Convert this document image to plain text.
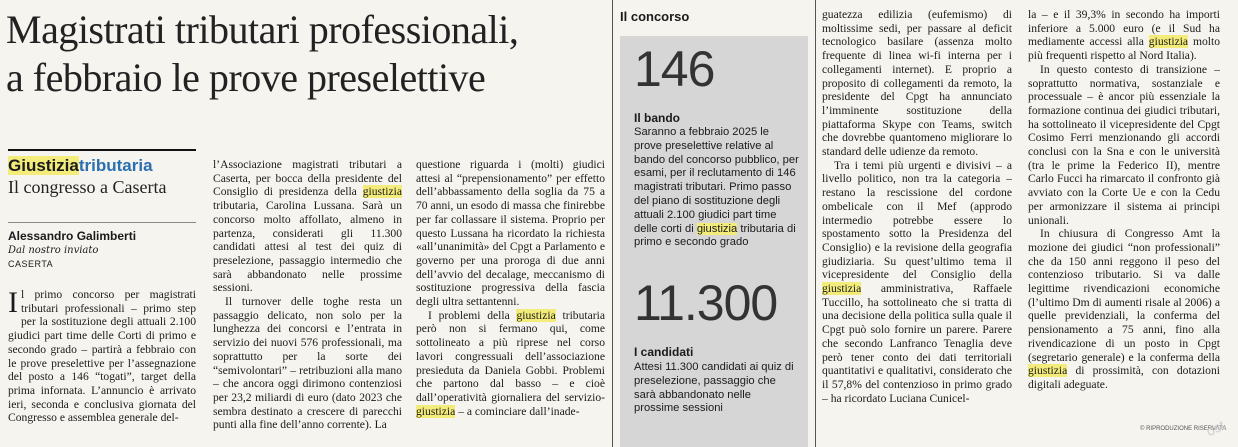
Magistrati tributari professionali,
a febbraio le prove preselettive
Giustiziatributaria
Il congresso a Caserta
Alessandro Galimberti
Dal nostro inviato
CASERTA
Il primo concorso per magistrati tributari professionali – primo step per la sostituzione degli attuali 2.100 giudici part time delle Corti di primo e secondo grado – partirà a febbraio con le prove preselettive per l’assegnazione del posto a 146 “togati”, target della prima infornata. L’annuncio è arrivato ieri, seconda e conclusiva giornata del Congresso e assemblea generale del-

l’Associazione magistrati tributari a Caserta, per bocca della presidente del Consiglio di presidenza della giustizia tributaria, Carolina Lussana. Sarà un concorso molto affollato, almeno in partenza, considerati gli 11.300 candidati attesi al test dei quiz di preselezione, passaggio intermedio che sarà abbandonato nelle prossime sessioni.

Il turnover delle toghe resta un passaggio delicato, non solo per la lunghezza dei concorsi e l’entrata in servizio dei nuovi 576 professionali, ma soprattutto per la sorte dei “semivolontari” – retribuzioni alla mano – che ancora oggi dirimono contenziosi per 23,2 miliardi di euro (dato 2023 che sembra destinato a crescere di parecchi punti alla fine dell’anno corrente). La

questione riguarda i (molti) giudici attesi al “prepensionamento” per effetto dell’abbassamento della soglia da 75 a 70 anni, un esodo di massa che finirebbe per far collassare il sistema. Proprio per questo Lussana ha ricordato la richiesta «all’unanimità» del Cpgt a Parlamento e governo per una proroga di due anni dell’avvio del decalage, meccanismo di sostituzione progressiva della fascia degli ultra settantenni.

I problemi della giustizia tributaria però non si fermano qui, come sottolineato a più riprese nel corso lavori congressuali dell’associazione presieduta da Daniela Gobbi. Problemi che partono dal basso – e cioè dall’operatività giornaliera del servizio-giustizia – a cominciare dall’inade-

Il concorso
146
Il bando
Saranno a febbraio 2025 le prove preselettive relative al bando del concorso pubblico, per esami, per il reclutamento di 146 magistrati tributari. Primo passo del piano di sostituzione degli attuali 2.100 giudici part time delle corti di giustizia tributaria di primo e secondo grado
11.300
I candidati
Attesi 11.300 candidati ai quiz di preselezione, passaggio che sarà abbandonato nelle prossime sessioni

guatezza edilizia (eufemismo) di moltissime sedi, per passare al deficit tecnologico basilare (assenza molto frequente di linea wi-fi interna per i collegamenti internet). E proprio a proposito di collegamenti da remoto, la presidente del Cpgt ha annunciato l’imminente sostituzione della piattaforma Skype con Teams, switch che dovrebbe quantomeno migliorare lo standard delle udienze da remoto.

Tra i temi più urgenti e divisivi – a livello politico, non tra la categoria – restano la rescissione del cordone ombelicale con il Mef (approdo intermedio potrebbe essere lo spostamento sotto la Presidenza del Consiglio) e la revisione della geografia giudiziaria. Su quest’ultimo tema il vicepresidente del Consiglio della giustizia amministrativa, Raffaele Tuccillo, ha sottolineato che si tratta di una decisione della politica sulla quale il Cpgt può solo fornire un parere. Parere che secondo Lanfranco Tenaglia deve però tener conto dei dati territoriali quantitativi e qualitativi, considerato che il 57,8% del contenzioso in primo grado – ha ricordato Luciana Cunicel-

la – e il 39,3% in secondo ha importi inferiore a 5.000 euro (e il Sud ha mediamente accessi alla giustizia molto più frequenti rispetto al Nord Italia).

In questo contesto di transizione – soprattutto normativa, sostanziale e processuale – è ancor più essenziale la formazione continua dei giudici tributari, ha sottolineato il vicepresidente del Cpgt Cosimo Ferri menzionando gli accordi conclusi con la Sna e con le università (tra le prime la Federico II), mentre Carlo Fucci ha rimarcato il confronto già avviato con la Corte Ue e con la Cedu per armonizzare il sistema ai principi unionali.

In chiusura di Congresso Amt la mozione dei giudici “non professionali” che da 150 anni reggono il peso del contenzioso tributario. Si va dalle legittime rivendicazioni economiche (l’ultimo Dm di aumenti risale al 2006) a quelle previdenziali, la conferma del pensionamento a 75 anni, fino alla rivendicazione di un posto in Cpgt (segretario generale) e la conferma della giustizia di prossimità, con dotazioni digitali adeguate.

© RIPRODUZIONE RISERVATA
ost
